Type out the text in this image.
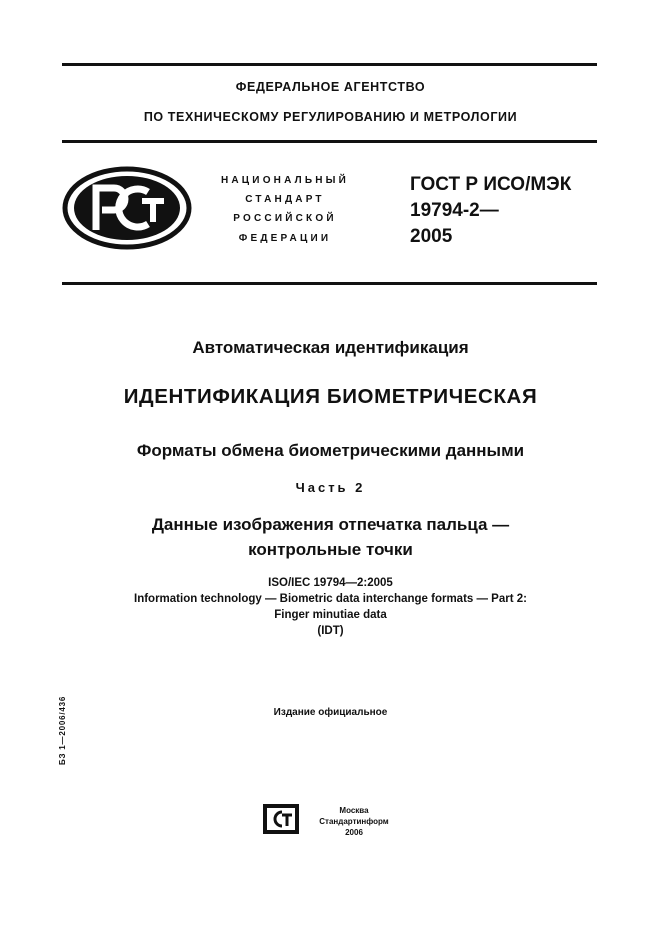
ФЕДЕРАЛЬНОЕ АГЕНТСТВО
ПО ТЕХНИЧЕСКОМУ РЕГУЛИРОВАНИЮ И МЕТРОЛОГИИ
НАЦИОНАЛЬНЫЙ
СТАНДАРТ
РОССИЙСКОЙ
ФЕДЕРАЦИИ
ГОСТ Р ИСО/МЭК
19794-2—
2005
Автоматическая идентификация
ИДЕНТИФИКАЦИЯ БИОМЕТРИЧЕСКАЯ
Форматы обмена биометрическими данными
Часть 2
Данные изображения отпечатка пальца —
контрольные точки
ISO/IEC 19794—2:2005
Information technology — Biometric data interchange formats — Part 2:
Finger minutiae data
(IDT)
Издание официальное
БЗ 1—2006/436
Москва
Стандартинформ
2006
